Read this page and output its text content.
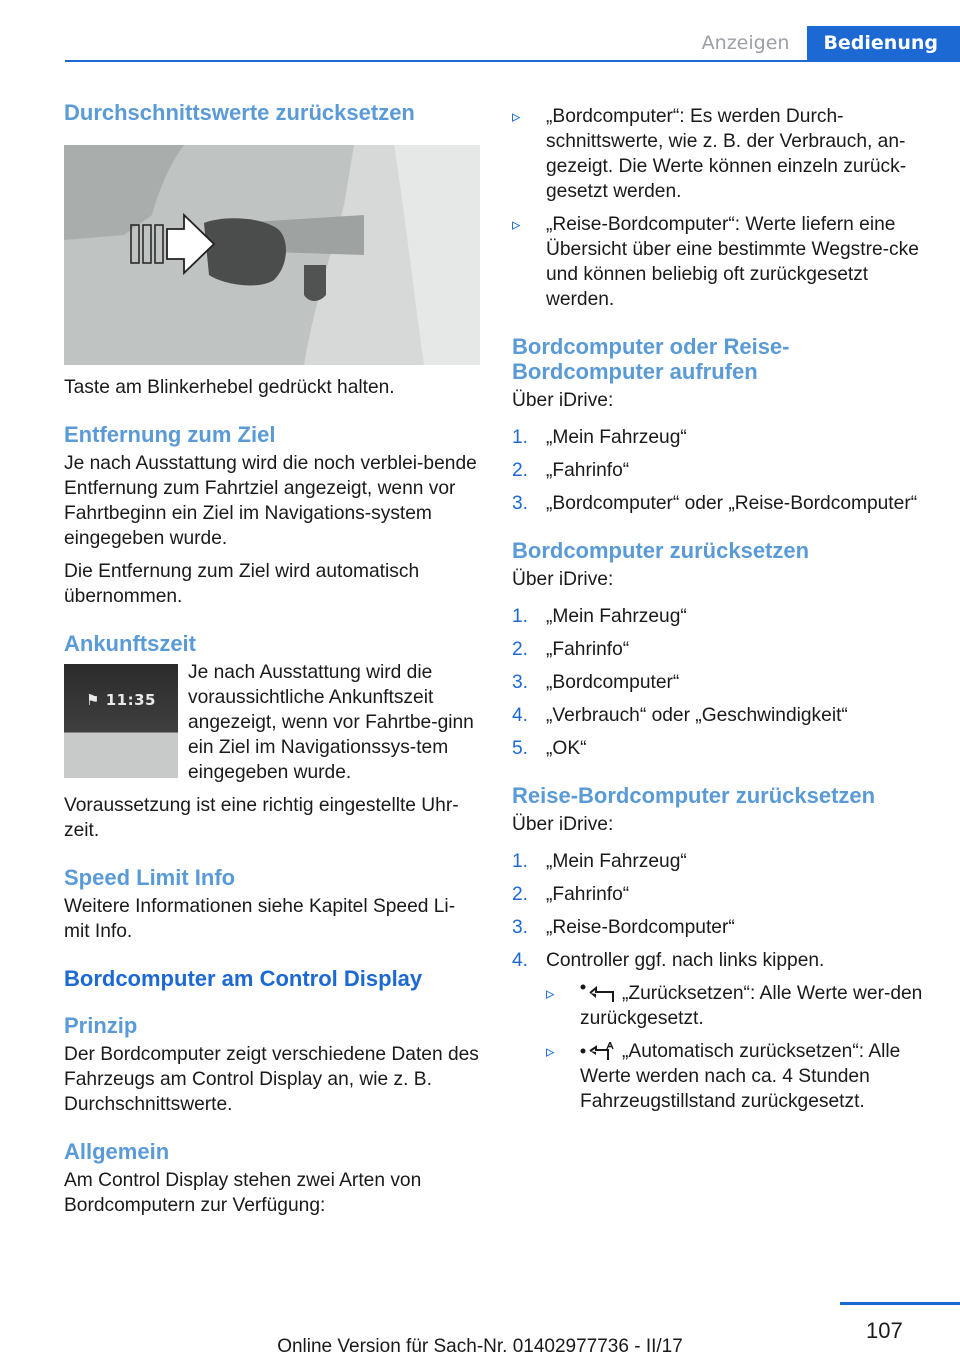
Anzeigen	Bedienung
Durchschnittswerte zurücksetzen

Taste am Blinkerhebel gedrückt halten.

Entfernung zum Ziel

Je nach Ausstattung wird die noch verblei‐bende Entfernung zum Fahrtziel angezeigt, wenn vor Fahrtbeginn ein Ziel im Navigations‐system eingegeben wurde.

Die Entfernung zum Ziel wird automatisch übernommen.

Ankunftszeit
⚑ 11:35

Je nach Ausstattung wird die voraussichtliche Ankunftszeit angezeigt, wenn vor Fahrtbe‐ginn ein Ziel im Navigationssys‐tem eingegeben wurde.

Voraussetzung ist eine richtig eingestellte Uhr‐zeit.

Speed Limit Info

Weitere Informationen siehe Kapitel Speed Li‐mit Info.

Bordcomputer am Control Display
Prinzip

Der Bordcomputer zeigt verschiedene Daten des Fahrzeugs am Control Display an, wie z. B. Durchschnittswerte.

Allgemein

Am Control Display stehen zwei Arten von Bordcomputern zur Verfügung:

▹	„Bordcomputer“: Es werden Durch‐schnittswerte, wie z. B. der Verbrauch, an‐gezeigt. Die Werte können einzeln zurück‐gesetzt werden.
▹	„Reise-Bordcomputer“: Werte liefern eine Übersicht über eine bestimmte Wegstre‐cke und können beliebig oft zurückgesetzt werden.
Bordcomputer oder Reise-Bordcomputer aufrufen

Über iDrive:

1. „Mein Fahrzeug“
2. „Fahrinfo“
3. „Bordcomputer“ oder „Reise-Bordcomputer“
Bordcomputer zurücksetzen

Über iDrive:

1. „Mein Fahrzeug“
2. „Fahrinfo“
3. „Bordcomputer“
4. „Verbrauch“ oder „Geschwindigkeit“
5. „OK“
Reise-Bordcomputer zurücksetzen

Über iDrive:

1. „Mein Fahrzeug“
2. „Fahrinfo“
3. „Reise-Bordcomputer“
4. Controller ggf. nach links kippen.
▹	„Zurücksetzen“: Alle Werte wer‐den zurückgesetzt.
▹	„Automatisch zurücksetzen“: Alle Werte werden nach ca. 4 Stunden Fahrzeugstillstand zurückgesetzt.
107
Online Version für Sach-Nr. 01402977736 - II/17
